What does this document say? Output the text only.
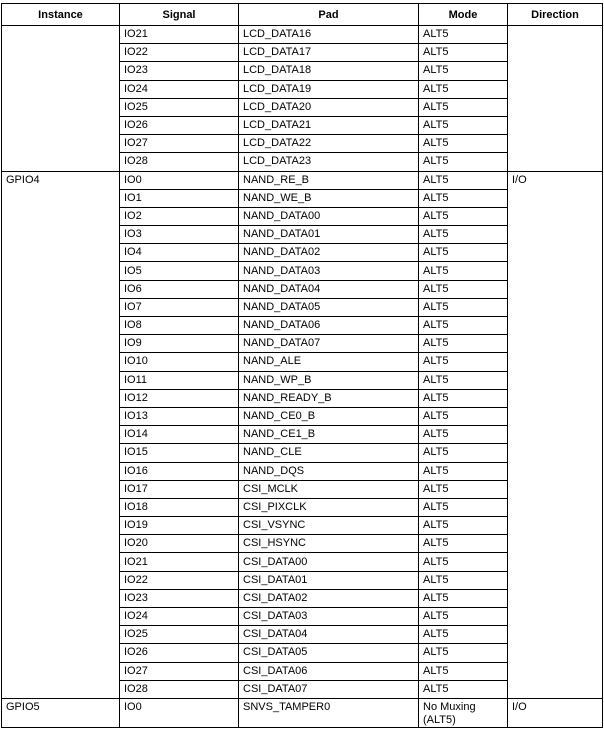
Instance	Signal	Pad	Mode	Direction
	IO21	LCD_DATA16	ALT5	
	IO22	LCD_DATA17	ALT5	
	IO23	LCD_DATA18	ALT5	
	IO24	LCD_DATA19	ALT5	
	IO25	LCD_DATA20	ALT5	
	IO26	LCD_DATA21	ALT5	
	IO27	LCD_DATA22	ALT5	
	IO28	LCD_DATA23	ALT5	
GPIO4	IO0	NAND_RE_B	ALT5	I/O
	IO1	NAND_WE_B	ALT5	
	IO2	NAND_DATA00	ALT5	
	IO3	NAND_DATA01	ALT5	
	IO4	NAND_DATA02	ALT5	
	IO5	NAND_DATA03	ALT5	
	IO6	NAND_DATA04	ALT5	
	IO7	NAND_DATA05	ALT5	
	IO8	NAND_DATA06	ALT5	
	IO9	NAND_DATA07	ALT5	
	IO10	NAND_ALE	ALT5	
	IO11	NAND_WP_B	ALT5	
	IO12	NAND_READY_B	ALT5	
	IO13	NAND_CE0_B	ALT5	
	IO14	NAND_CE1_B	ALT5	
	IO15	NAND_CLE	ALT5	
	IO16	NAND_DQS	ALT5	
	IO17	CSI_MCLK	ALT5	
	IO18	CSI_PIXCLK	ALT5	
	IO19	CSI_VSYNC	ALT5	
	IO20	CSI_HSYNC	ALT5	
	IO21	CSI_DATA00	ALT5	
	IO22	CSI_DATA01	ALT5	
	IO23	CSI_DATA02	ALT5	
	IO24	CSI_DATA03	ALT5	
	IO25	CSI_DATA04	ALT5	
	IO26	CSI_DATA05	ALT5	
	IO27	CSI_DATA06	ALT5	
	IO28	CSI_DATA07	ALT5	
GPIO5	IO0	SNVS_TAMPER0	No Muxing (ALT5)	I/O
